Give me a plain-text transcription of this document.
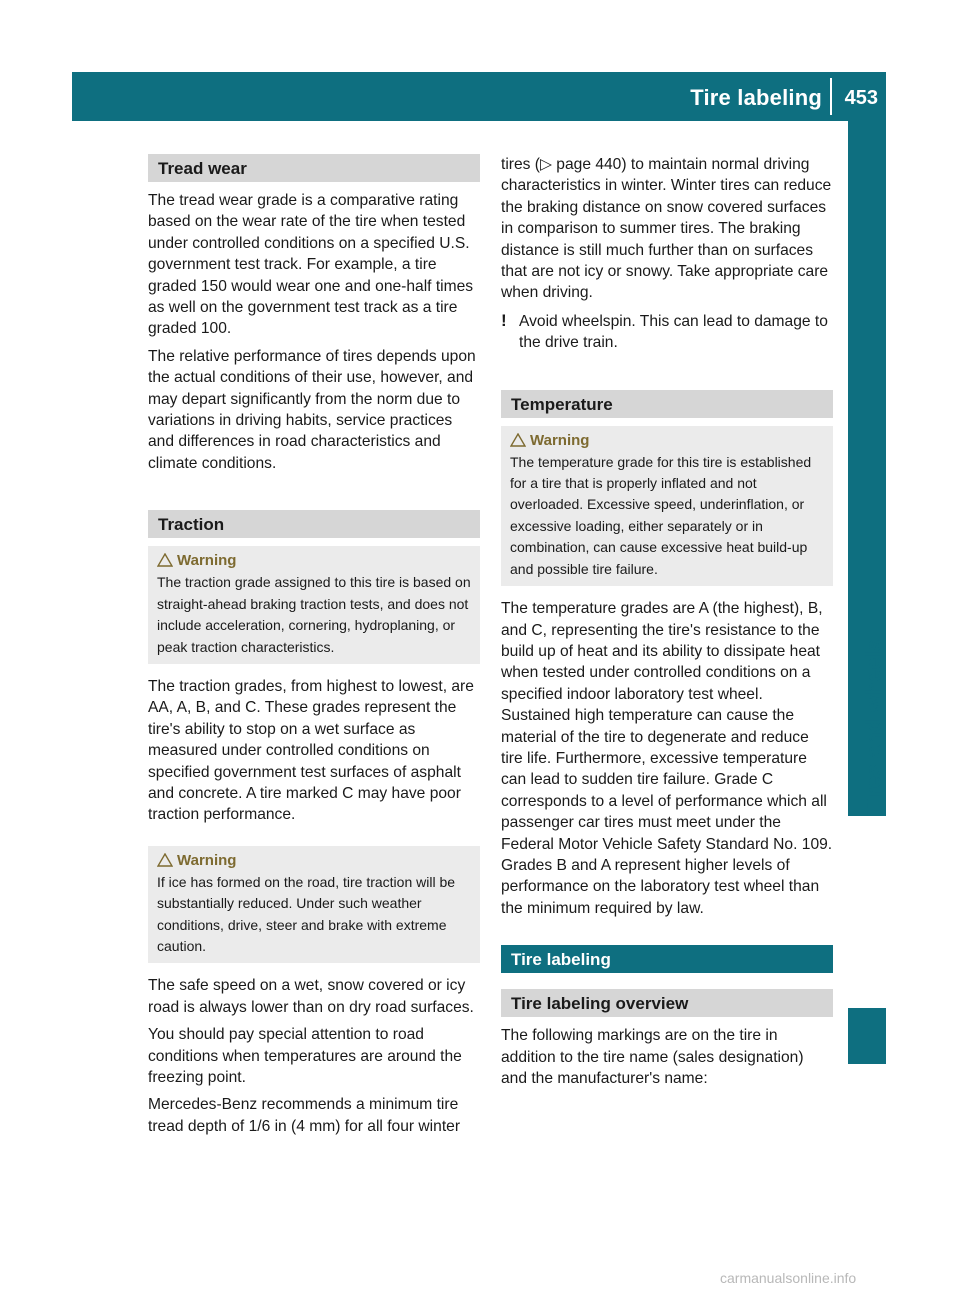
Tire labeling 453
Tires and wheels
Tread wear

The tread wear grade is a comparative rating based on the wear rate of the tire when tested under controlled conditions on a specified U.S. government test track. For example, a tire graded 150 would wear one and one-half times as well on the government test track as a tire graded 100.

The relative performance of tires depends upon the actual conditions of their use, however, and may depart significantly from the norm due to variations in driving habits, service practices and differences in road characteristics and climate conditions.

Traction
Warning

The traction grade assigned to this tire is based on straight-ahead braking traction tests, and does not include acceleration, cornering, hydroplaning, or peak traction characteristics.

The traction grades, from highest to lowest, are AA, A, B, and C. These grades represent the tire's ability to stop on a wet surface as measured under controlled conditions on specified government test surfaces of asphalt and concrete. A tire marked C may have poor traction performance.

Warning

If ice has formed on the road, tire traction will be substantially reduced. Under such weather conditions, drive, steer and brake with extreme caution.

The safe speed on a wet, snow covered or icy road is always lower than on dry road surfaces.

You should pay special attention to road conditions when temperatures are around the freezing point.

Mercedes-Benz recommends a minimum tire tread depth of 1/6 in (4 mm) for all four winter

tires (▷ page 440) to maintain normal driving characteristics in winter. Winter tires can reduce the braking distance on snow covered surfaces in comparison to summer tires. The braking distance is still much further than on surfaces that are not icy or snowy. Take appropriate care when driving.

! Avoid wheelspin. This can lead to damage to the drive train.

Temperature
Warning

The temperature grade for this tire is established for a tire that is properly inflated and not overloaded. Excessive speed, underinflation, or excessive loading, either separately or in combination, can cause excessive heat build-up and possible tire failure.

The temperature grades are A (the highest), B, and C, representing the tire's resistance to the build up of heat and its ability to dissipate heat when tested under controlled conditions on a specified indoor laboratory test wheel. Sustained high temperature can cause the material of the tire to degenerate and reduce tire life. Furthermore, excessive temperature can lead to sudden tire failure. Grade C corresponds to a level of performance which all passenger car tires must meet under the Federal Motor Vehicle Safety Standard No. 109. Grades B and A represent higher levels of performance on the laboratory test wheel than the minimum required by law.

Tire labeling
Tire labeling overview

The following markings are on the tire in addition to the tire name (sales designation) and the manufacturer's name:

carmanualsonline.info
